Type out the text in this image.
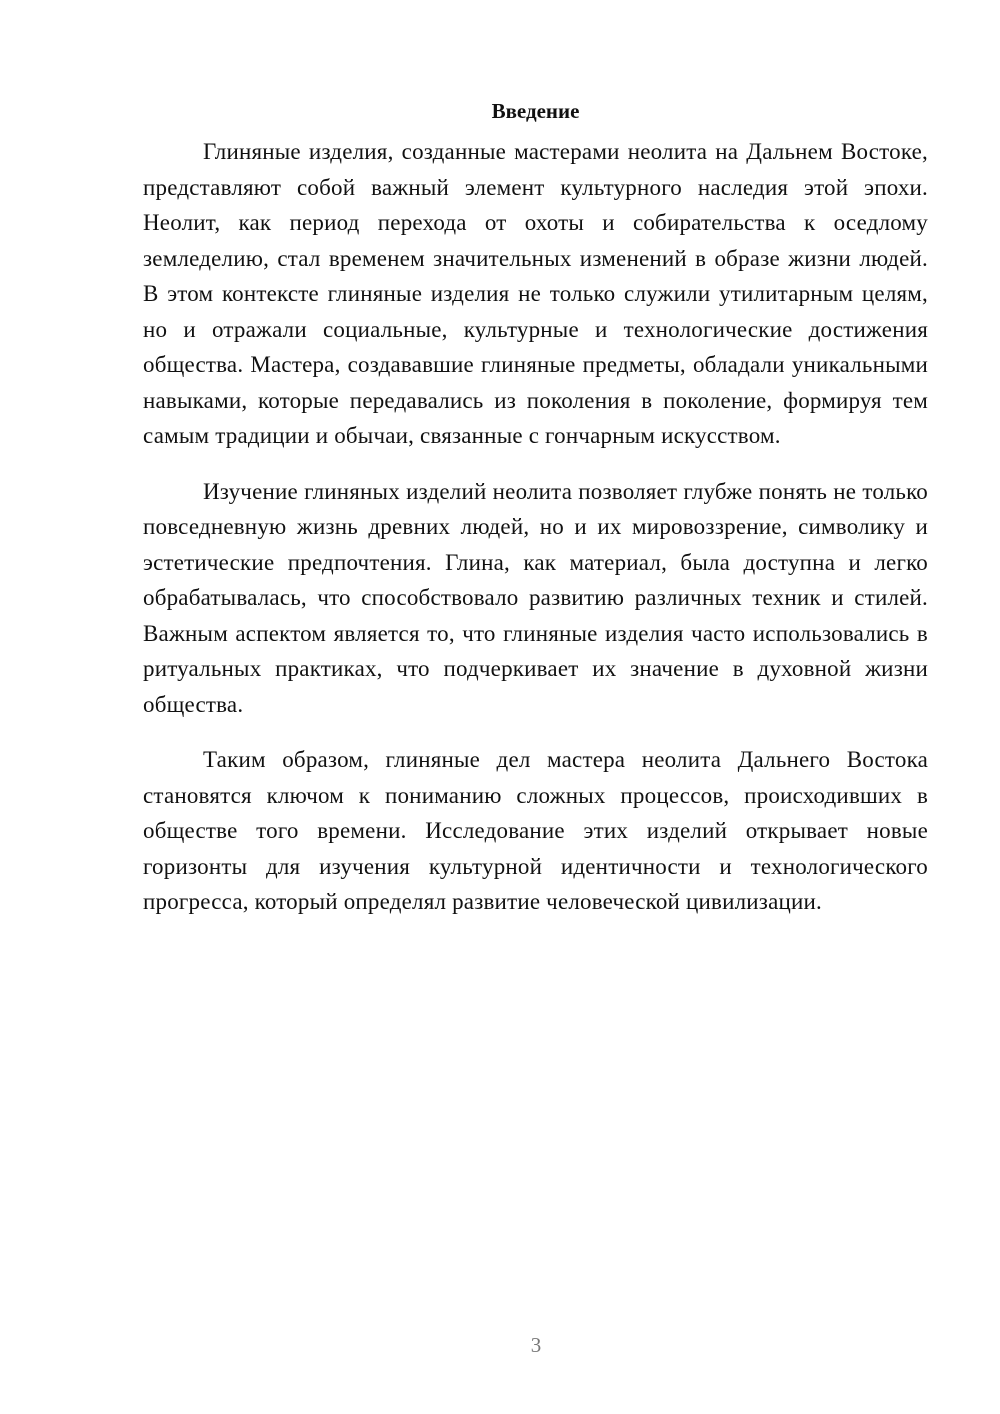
Введение

Глиняные изделия, созданные мастерами неолита на Дальнем Востоке, представляют собой важный элемент культурного наследия этой эпохи. Неолит, как период перехода от охоты и собирательства к оседлому земледелию, стал временем значительных изменений в образе жизни людей. В этом контексте глиняные изделия не только служили утилитарным целям, но и отражали социальные, культурные и технологические достижения общества. Мастера, создававшие глиняные предметы, обладали уникальными навыками, которые передавались из поколения в поколение, формируя тем самым традиции и обычаи, связанные с гончарным искусством.

Изучение глиняных изделий неолита позволяет глубже понять не только повседневную жизнь древних людей, но и их мировоззрение, символику и эстетические предпочтения. Глина, как материал, была доступна и легко обрабатывалась, что способствовало развитию различных техник и стилей. Важным аспектом является то, что глиняные изделия часто использовались в ритуальных практиках, что подчеркивает их значение в духовной жизни общества.

Таким образом, глиняные дел мастера неолита Дальнего Востока становятся ключом к пониманию сложных процессов, происходивших в обществе того времени. Исследование этих изделий открывает новые горизонты для изучения культурной идентичности и технологического прогресса, который определял развитие человеческой цивилизации.

3
